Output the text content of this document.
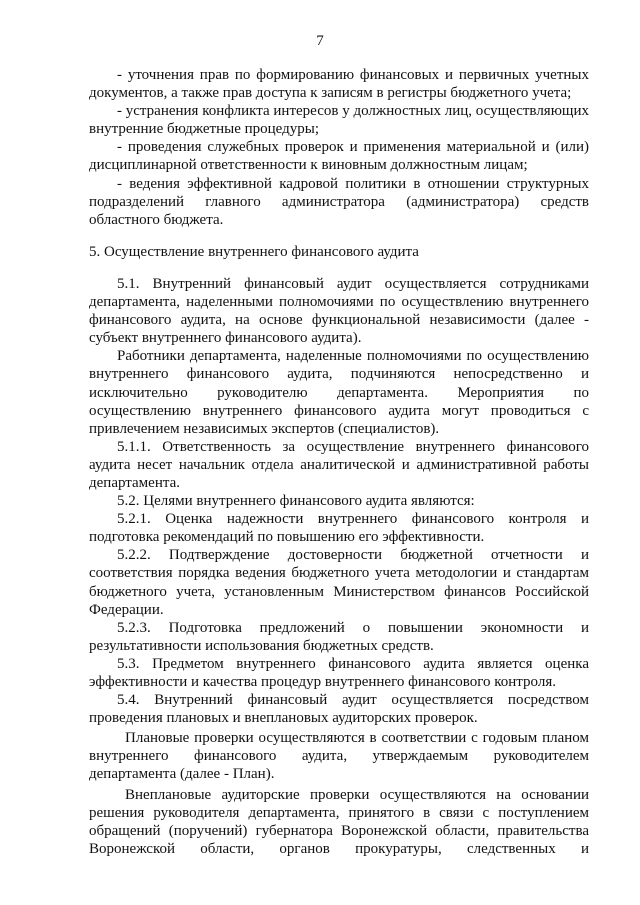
7

- уточнения прав по формированию финансовых и первичных учетных документов, а также прав доступа к записям в регистры бюджетного учета;

- устранения конфликта интересов у должностных лиц, осуществляющих внутренние бюджетные процедуры;

- проведения служебных проверок и применения материальной и (или) дисциплинарной ответственности к виновным должностным лицам;

- ведения эффективной кадровой политики в отношении структурных подразделений главного администратора (администратора) средств областного бюджета.

5. Осуществление внутреннего финансового аудита

5.1. Внутренний финансовый аудит осуществляется сотрудниками департамента, наделенными полномочиями по осуществлению внутреннего финансового аудита, на основе функциональной независимости (далее - субъект внутреннего финансового аудита).

Работники департамента, наделенные полномочиями по осуществлению внутреннего финансового аудита, подчиняются непосредственно и исключительно руководителю департамента. Мероприятия по осуществлению внутреннего финансового аудита могут проводиться с привлечением независимых экспертов (специалистов).

5.1.1. Ответственность за осуществление внутреннего финансового аудита несет начальник отдела аналитической и административной работы департамента.

5.2. Целями внутреннего финансового аудита являются:

5.2.1. Оценка надежности внутреннего финансового контроля и подготовка рекомендаций по повышению его эффективности.

5.2.2. Подтверждение достоверности бюджетной отчетности и соответствия порядка ведения бюджетного учета методологии и стандартам бюджетного учета, установленным Министерством финансов Российской Федерации.

5.2.3. Подготовка предложений о повышении экономности и результативности использования бюджетных средств.

5.3. Предметом внутреннего финансового аудита является оценка эффективности и качества процедур внутреннего финансового контроля.

5.4. Внутренний финансовый аудит осуществляется посредством проведения плановых и внеплановых аудиторских проверок.

Плановые проверки осуществляются в соответствии с годовым планом внутреннего финансового аудита, утверждаемым руководителем департамента (далее - План).

Внеплановые аудиторские проверки осуществляются на основании решения руководителя департамента, принятого в связи с поступлением обращений (поручений) губернатора Воронежской области, правительства Воронежской области, органов прокуратуры, следственных и
